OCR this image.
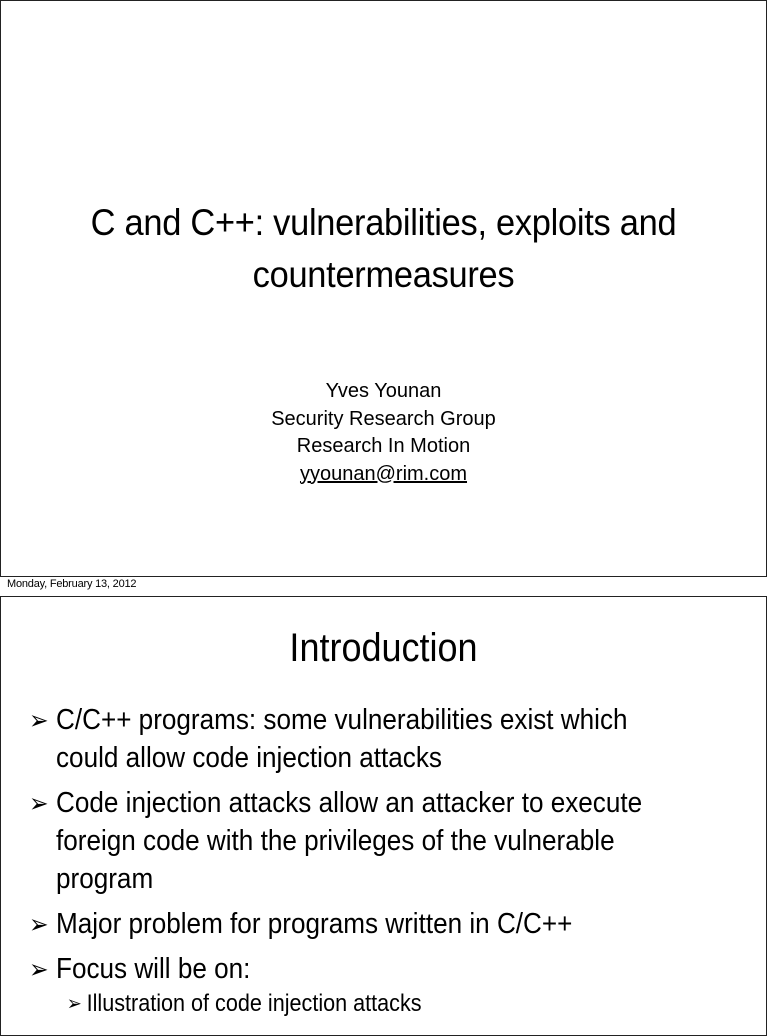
C and C++: vulnerabilities, exploits and
countermeasures
Yves Younan
Security Research Group
Research In Motion
yyounan@rim.com
Monday, February 13, 2012
Introduction
➢ C/C++ programs: some vulnerabilities exist which
could allow code injection attacks
➢ Code injection attacks allow an attacker to execute
foreign code with the privileges of the vulnerable
program
➢ Major problem for programs written in C/C++
➢ Focus will be on:
➢ Illustration of code injection attacks
